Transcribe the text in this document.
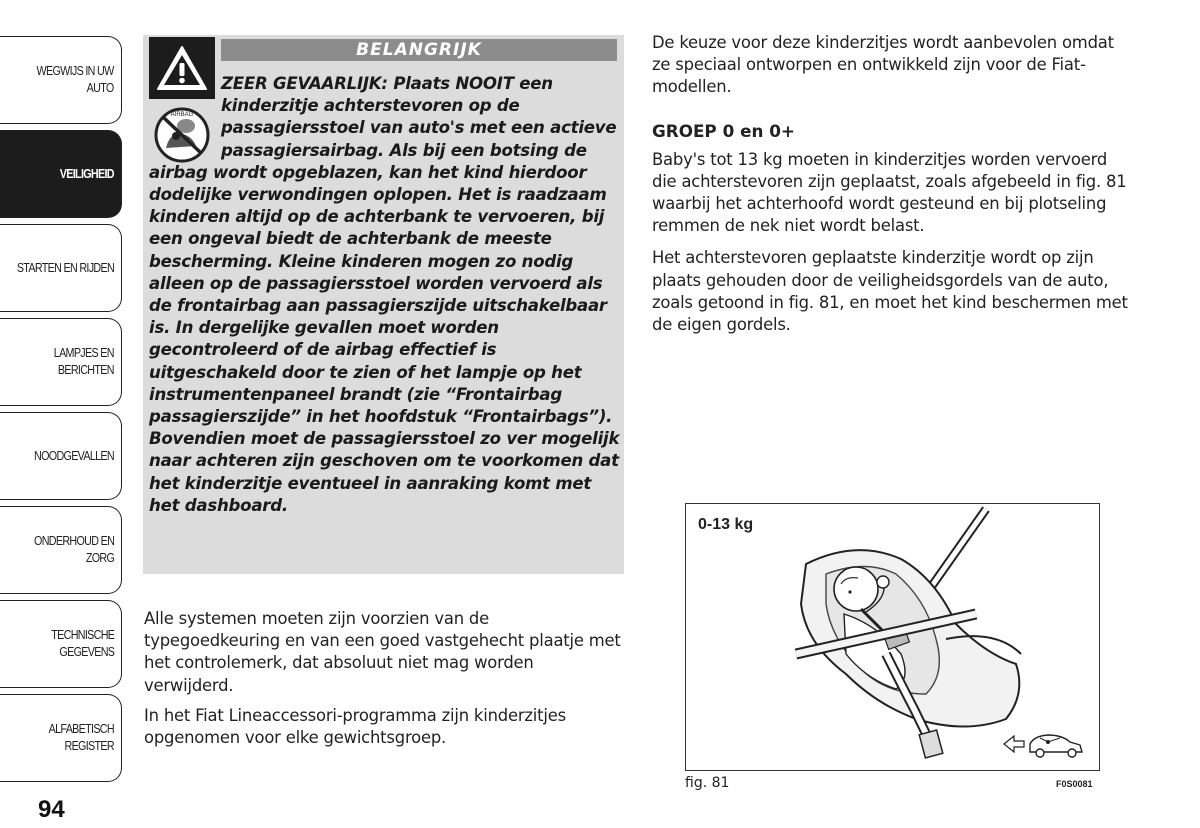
WEGWIJS IN UW
AUTO
VEILIGHEID
STARTEN EN RIJDEN
LAMPJES EN
BERICHTEN
NOODGEVALLEN
ONDERHOUD EN
ZORG
TECHNISCHE
GEGEVENS
ALFABETISCH
REGISTER
94
AIRBAG
BELANGRIJK

ZEER GEVAARLIJK: Plaats NOOIT een kinderzitje achterstevoren op de passagiersstoel van auto's met een actieve passagiersairbag. Als bij een botsing de airbag wordt opgeblazen, kan het kind hierdoor dodelijke verwondingen oplopen. Het is raadzaam kinderen altijd op de achterbank te vervoeren, bij een ongeval biedt de achterbank de meeste bescherming. Kleine kinderen mogen zo nodig alleen op de passagiersstoel worden vervoerd als de frontairbag aan passagierszijde uitschakelbaar is. In dergelijke gevallen moet worden gecontroleerd of de airbag effectief is uitgeschakeld door te zien of het lampje op het instrumentenpaneel brandt (zie “Frontairbag passagierszijde” in het hoofdstuk “Frontairbags”). Bovendien moet de passagiersstoel zo ver mogelijk naar achteren zijn geschoven om te voorkomen dat het kinderzitje eventueel in aanraking komt met het dashboard.

Alle systemen moeten zijn voorzien van de typegoedkeuring en van een goed vastgehecht plaatje met het controlemerk, dat absoluut niet mag worden verwijderd.

In het Fiat Lineaccessori-programma zijn kinderzitjes opgenomen voor elke gewichtsgroep.

De keuze voor deze kinderzitjes wordt aanbevolen omdat ze speciaal ontworpen en ontwikkeld zijn voor de Fiat-modellen.

GROEP 0 en 0+

Baby's tot 13 kg moeten in kinderzitjes worden vervoerd die achterstevoren zijn geplaatst, zoals afgebeeld in fig. 81 waarbij het achterhoofd wordt gesteund en bij plotseling remmen de nek niet wordt belast.

Het achterstevoren geplaatste kinderzitje wordt op zijn plaats gehouden door de veiligheidsgordels van de auto, zoals getoond in fig. 81, en moet het kind beschermen met de eigen gordels.

0-13 kg
fig. 81	F0S0081
